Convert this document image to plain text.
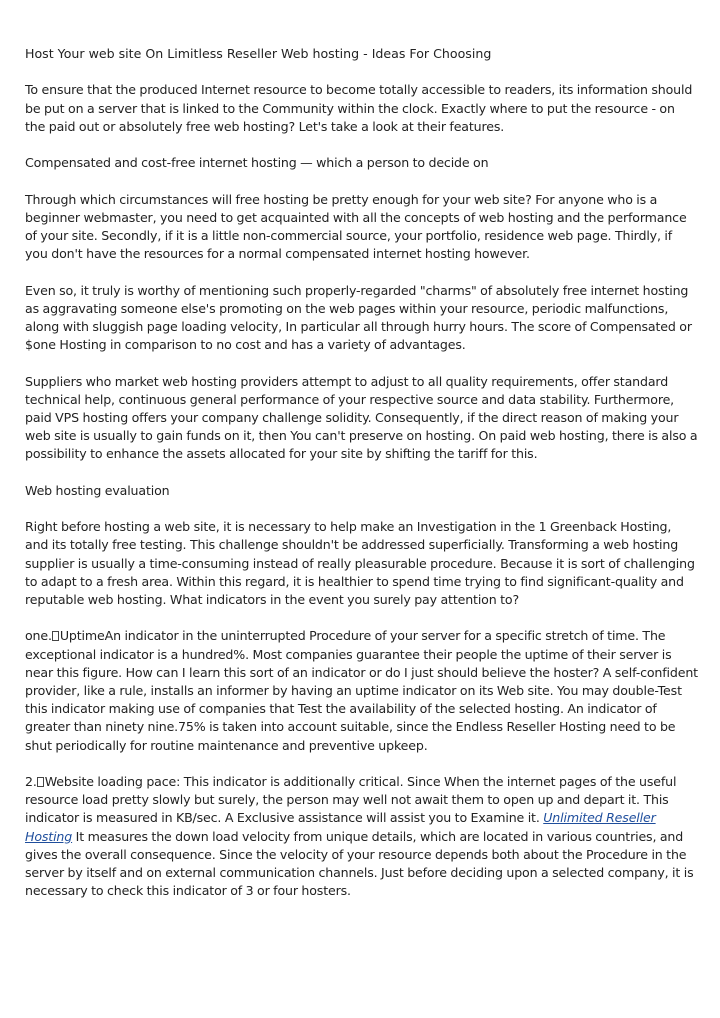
Host Your web site On Limitless Reseller Web hosting - Ideas For Choosing

To ensure that the produced Internet resource to become totally accessible to readers, its information should be put on a server that is linked to the Community within the clock. Exactly where to put the resource - on the paid out or absolutely free web hosting? Let's take a look at their features.

Compensated and cost-free internet hosting — which a person to decide on

Through which circumstances will free hosting be pretty enough for your web site? For anyone who is a beginner webmaster, you need to get acquainted with all the concepts of web hosting and the performance of your site. Secondly, if it is a little non-commercial source, your portfolio, residence web page. Thirdly, if you don't have the resources for a normal compensated internet hosting however.

Even so, it truly is worthy of mentioning such properly-regarded "charms" of absolutely free internet hosting as aggravating someone else's promoting on the web pages within your resource, periodic malfunctions, along with sluggish page loading velocity, In particular all through hurry hours. The score of Compensated or $one Hosting in comparison to no cost and has a variety of advantages.

Suppliers who market web hosting providers attempt to adjust to all quality requirements, offer standard technical help, continuous general performance of your respective source and data stability. Furthermore, paid VPS hosting offers your company challenge solidity. Consequently, if the direct reason of making your web site is usually to gain funds on it, then You can't preserve on hosting. On paid web hosting, there is also a possibility to enhance the assets allocated for your site by shifting the tariff for this.

Web hosting evaluation

Right before hosting a web site, it is necessary to help make an Investigation in the 1 Greenback Hosting, and its totally free testing. This challenge shouldn't be addressed superficially. Transforming a web hosting supplier is usually a time-consuming instead of really pleasurable procedure. Because it is sort of challenging to adapt to a fresh area. Within this regard, it is healthier to spend time trying to find significant-quality and reputable web hosting. What indicators in the event you surely pay attention to?

one. UptimeAn indicator in the uninterrupted Procedure of your server for a specific stretch of time. The exceptional indicator is a hundred%. Most companies guarantee their people the uptime of their server is near this figure. How can I learn this sort of an indicator or do I just should believe the hoster? A self-confident provider, like a rule, installs an informer by having an uptime indicator on its Web site. You may double-Test this indicator making use of companies that Test the availability of the selected hosting. An indicator of greater than ninety nine.75% is taken into account suitable, since the Endless Reseller Hosting need to be shut periodically for routine maintenance and preventive upkeep.

2. Website loading pace: This indicator is additionally critical. Since When the internet pages of the useful resource load pretty slowly but surely, the person may well not await them to open up and depart it. This indicator is measured in KB/sec. A Exclusive assistance will assist you to Examine it. Unlimited Reseller Hosting It measures the down load velocity from unique details, which are located in various countries, and gives the overall consequence. Since the velocity of your resource depends both about the Procedure in the server by itself and on external communication channels. Just before deciding upon a selected company, it is necessary to check this indicator of 3 or four hosters.
